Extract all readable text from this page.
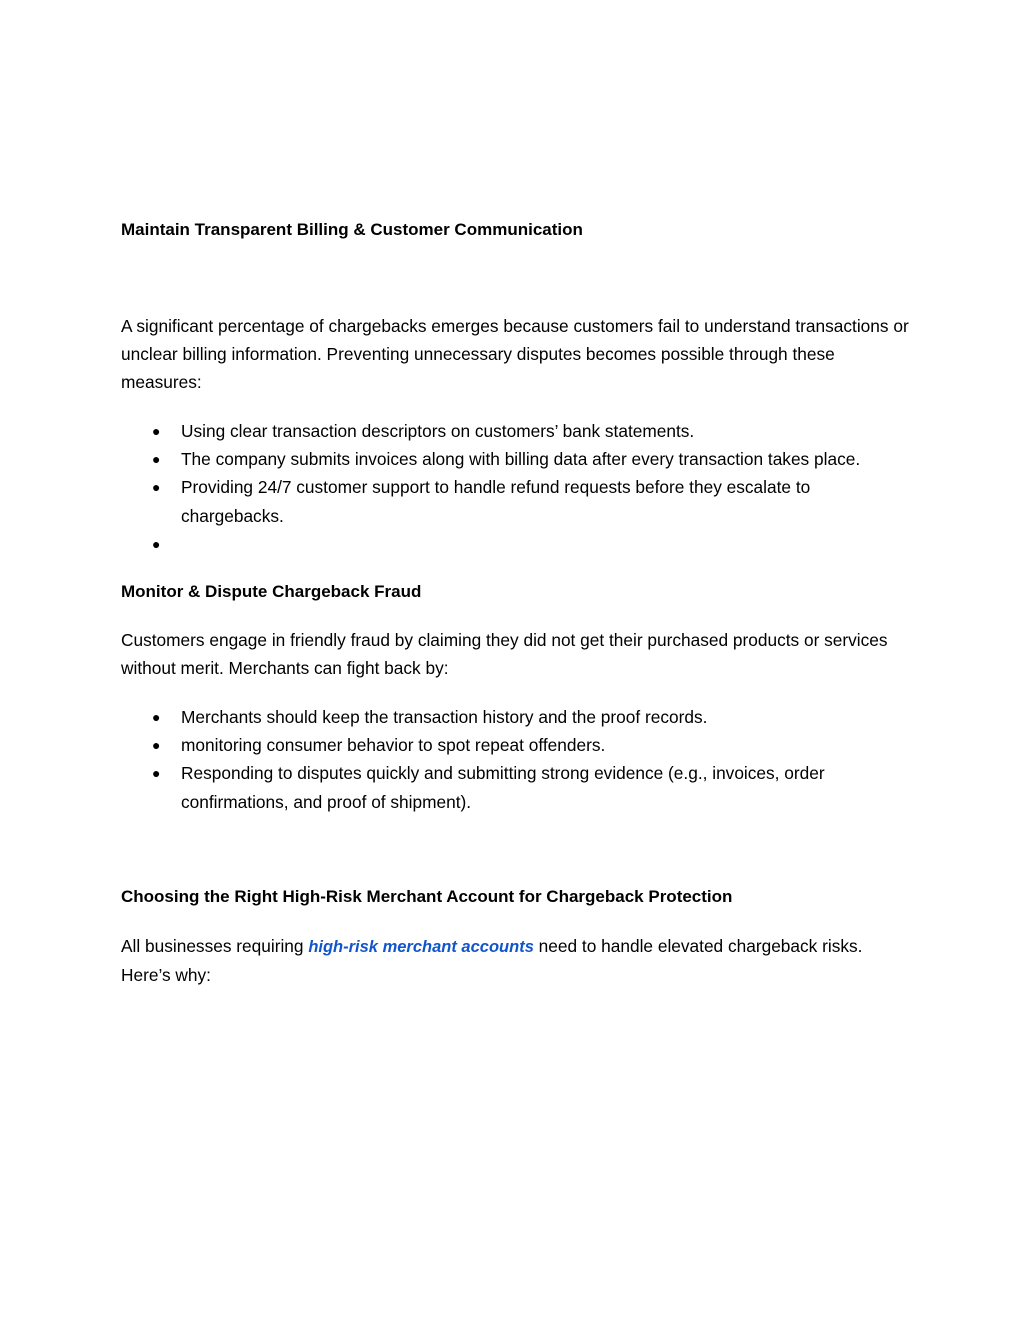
Maintain Transparent Billing & Customer Communication

A significant percentage of chargebacks emerges because customers fail to understand transactions or unclear billing information. Preventing unnecessary disputes becomes possible through these measures:

● Using clear transaction descriptors on customers’ bank statements.
● The company submits invoices along with billing data after every transaction takes place.
● Providing 24/7 customer support to handle refund requests before they escalate to chargebacks.
●
Monitor & Dispute Chargeback Fraud

Customers engage in friendly fraud by claiming they did not get their purchased products or services without merit. Merchants can fight back by:

● Merchants should keep the transaction history and the proof records.
● monitoring consumer behavior to spot repeat offenders.
● Responding to disputes quickly and submitting strong evidence (e.g., invoices, order confirmations, and proof of shipment).
Choosing the Right High-Risk Merchant Account for Chargeback Protection

All businesses requiring high-risk merchant accounts need to handle elevated chargeback risks. Here’s why:
